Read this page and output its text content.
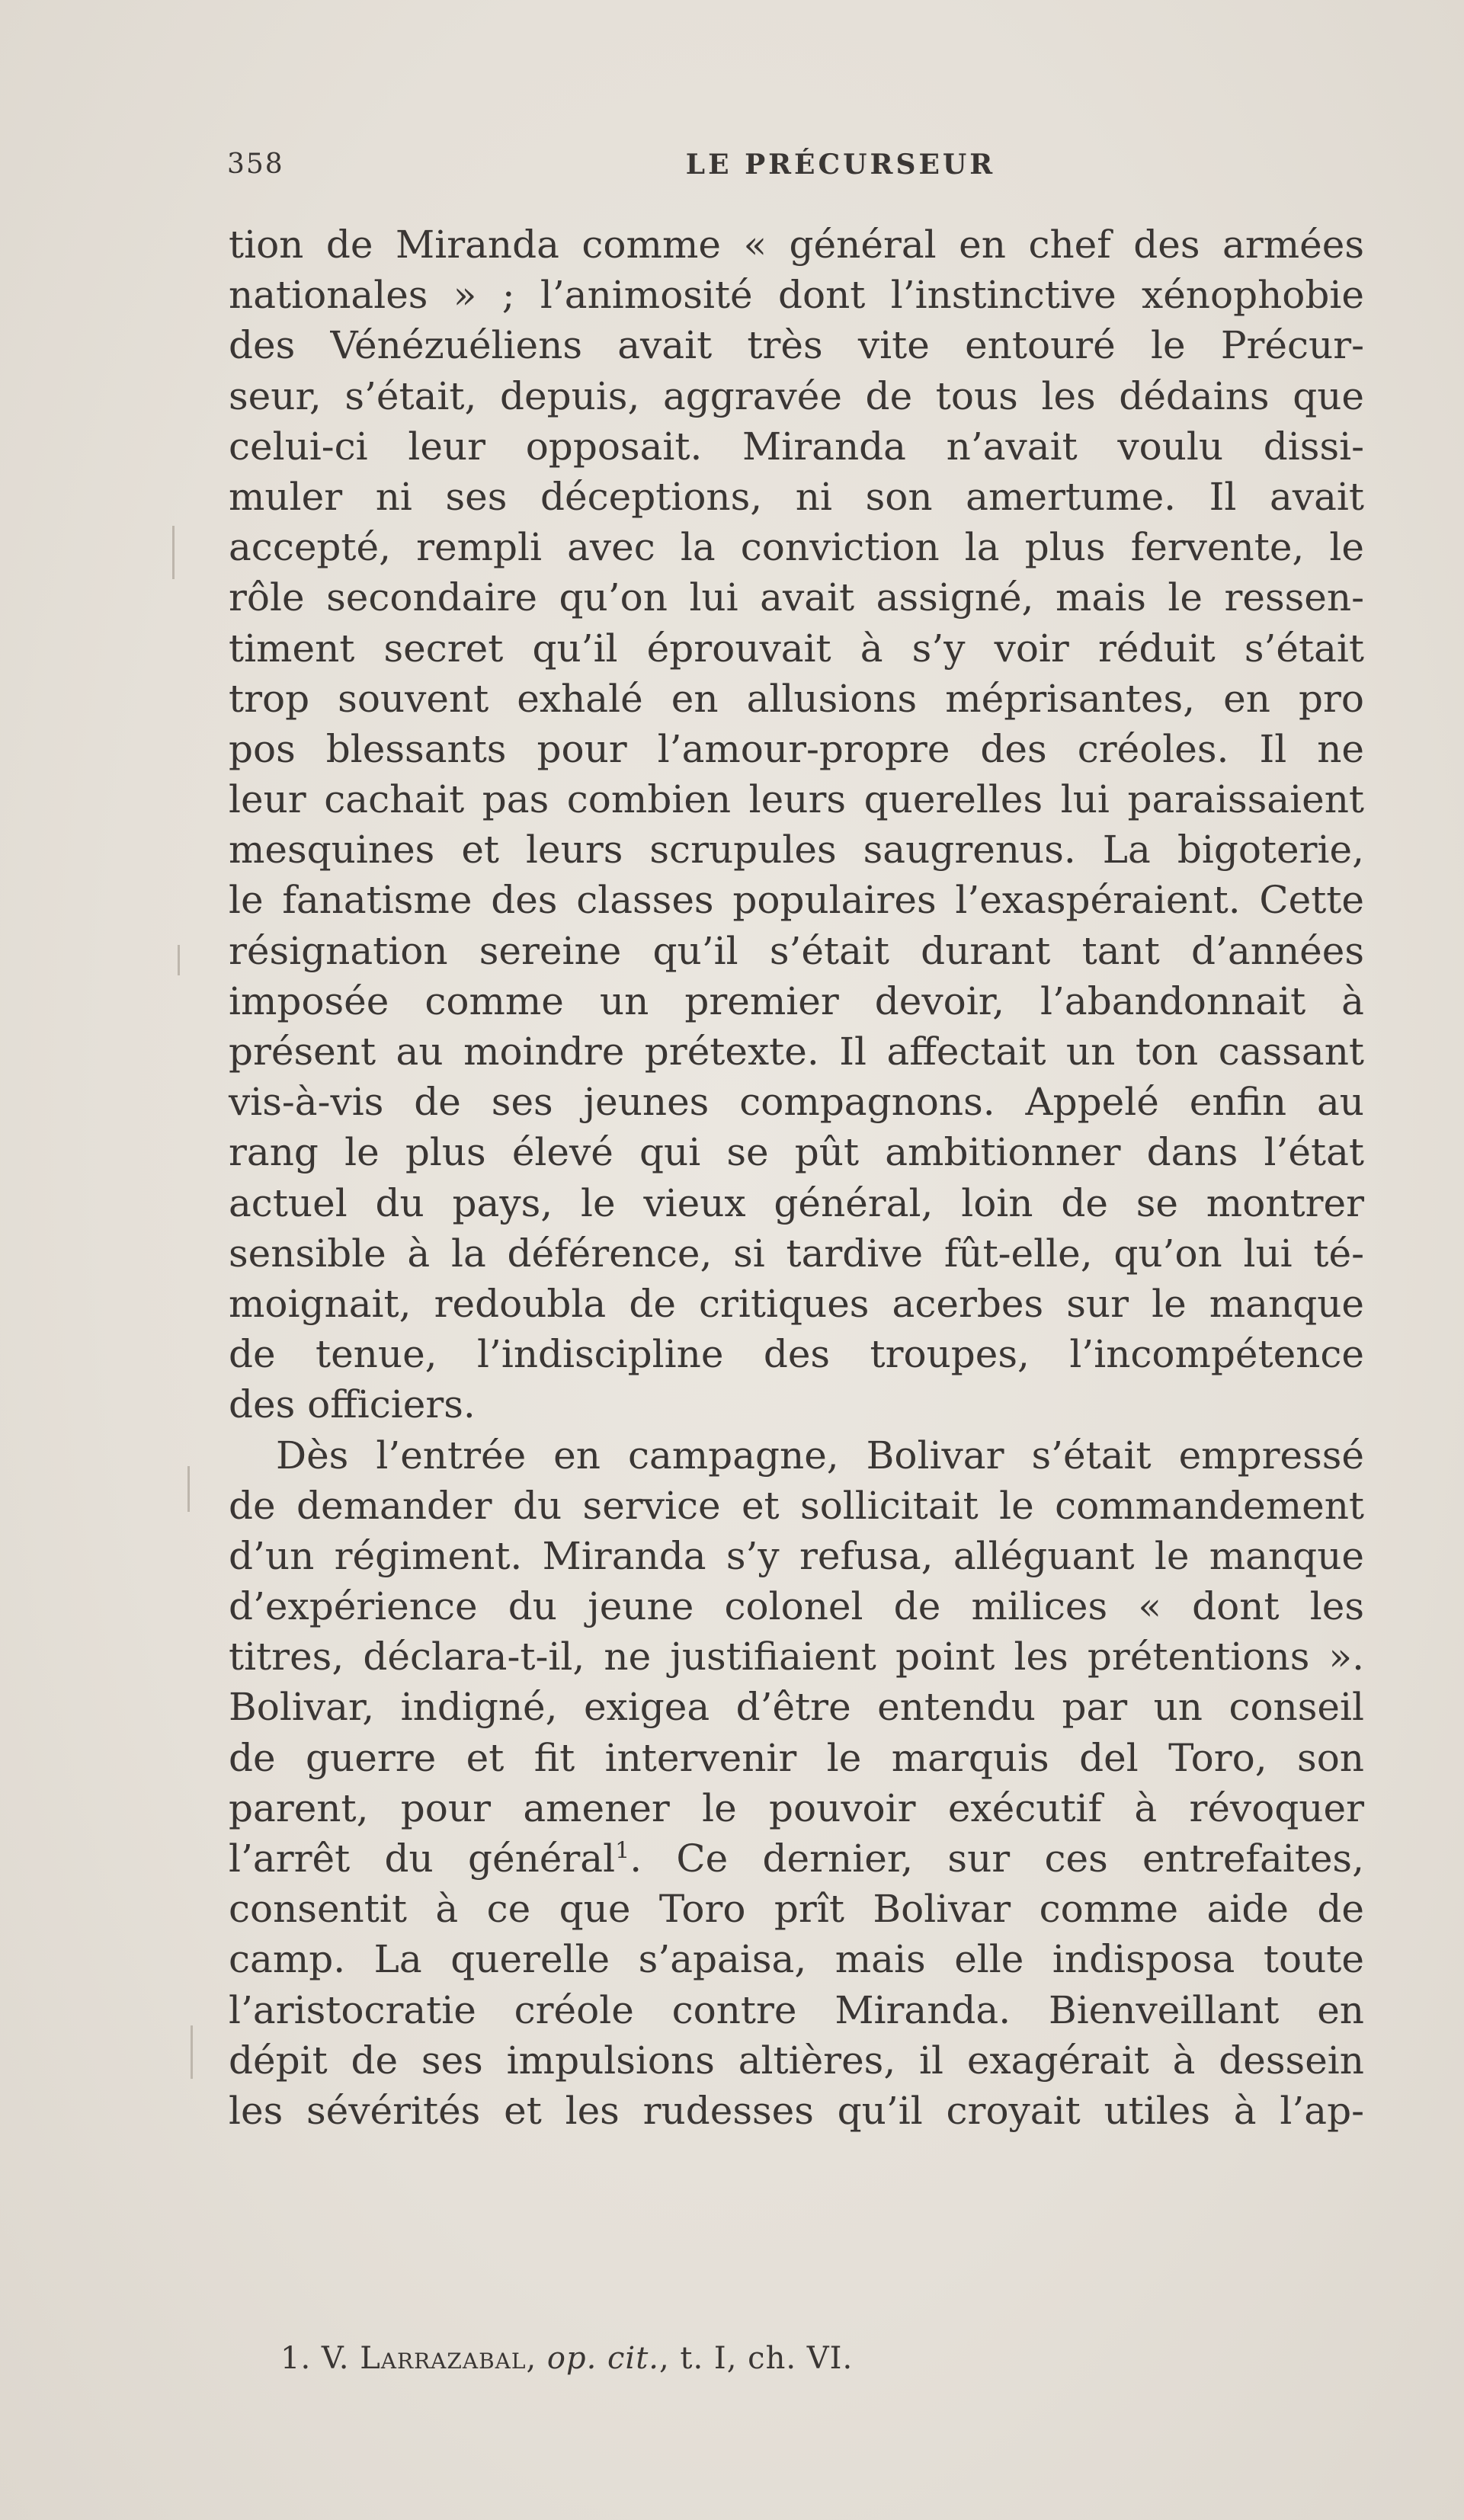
358	LE PRÉCURSEUR
tion de Miranda comme « général en chef des armées
nationales » ; l’animosité dont l’instinctive xénophobie
des Vénézuéliens avait très vite entouré le Précur-
seur, s’était, depuis, aggravée de tous les dédains que
celui-ci leur opposait. Miranda n’avait voulu dissi-
muler ni ses déceptions, ni son amertume. Il avait
accepté, rempli avec la conviction la plus fervente, le
rôle secondaire qu’on lui avait assigné, mais le ressen-
timent secret qu’il éprouvait à s’y voir réduit s’était
trop souvent exhalé en allusions méprisantes, en pro
pos blessants pour l’amour-propre des créoles. Il ne
leur cachait pas combien leurs querelles lui paraissaient
mesquines et leurs scrupules saugrenus. La bigoterie,
le fanatisme des classes populaires l’exaspéraient. Cette
résignation sereine qu’il s’était durant tant d’années
imposée comme un premier devoir, l’abandonnait à
présent au moindre prétexte. Il affectait un ton cassant
vis-à-vis de ses jeunes compagnons. Appelé enfin au
rang le plus élevé qui se pût ambitionner dans l’état
actuel du pays, le vieux général, loin de se montrer
sensible à la déférence, si tardive fût-elle, qu’on lui té-
moignait, redoubla de critiques acerbes sur le manque
de tenue, l’indiscipline des troupes, l’incompétence
des officiers.
Dès l’entrée en campagne, Bolivar s’était empressé
de demander du service et sollicitait le commandement
d’un régiment. Miranda s’y refusa, alléguant le manque
d’expérience du jeune colonel de milices « dont les
titres, déclara-t-il, ne justifiaient point les prétentions ».
Bolivar, indigné, exigea d’être entendu par un conseil
de guerre et fit intervenir le marquis del Toro, son
parent, pour amener le pouvoir exécutif à révoquer
l’arrêt du général$^1$. Ce dernier, sur ces entrefaites,
consentit à ce que Toro prît Bolivar comme aide de
camp. La querelle s’apaisa, mais elle indisposa toute
l’aristocratie créole contre Miranda. Bienveillant en
dépit de ses impulsions altières, il exagérait à dessein
les sévérités et les rudesses qu’il croyait utiles à l’ap-
1. V. Larrazabal, op. cit., t. I, ch. VI.
